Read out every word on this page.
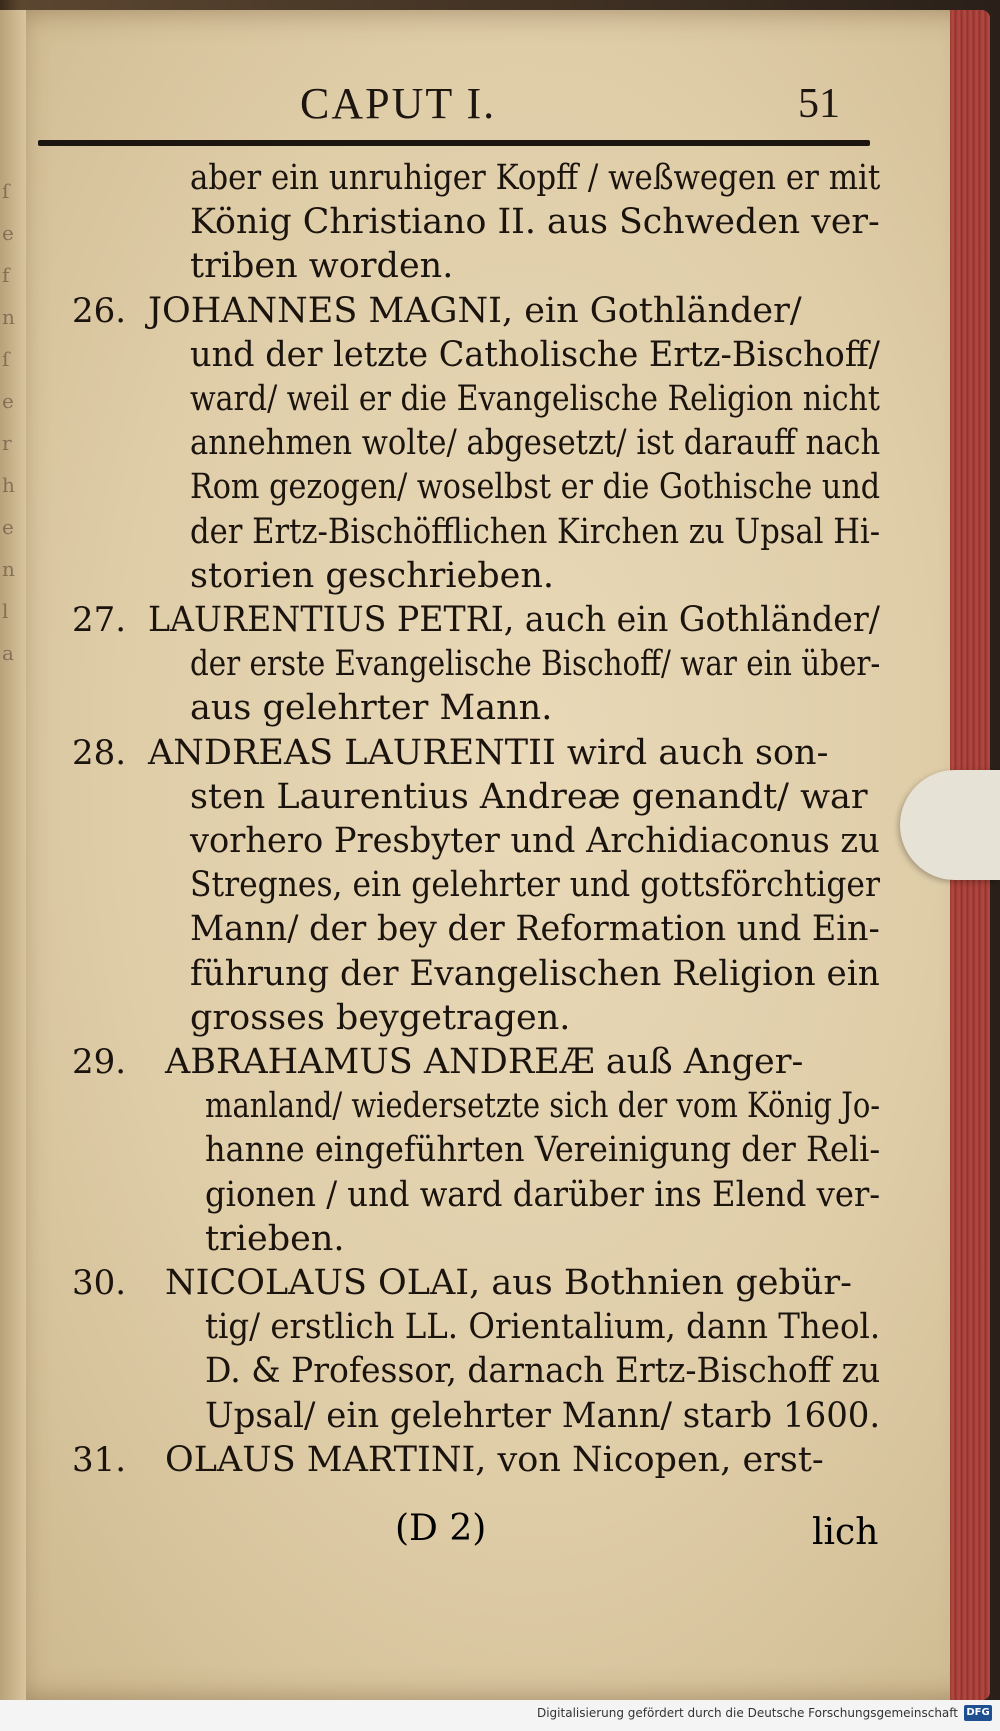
ſ
e
f
n
ſ
e
r
h
e
n
l
a
CAPUT I.	51
aber ein unruhiger Kopff / weßwegen er mit
König Christiano II. aus Schweden ver-
triben worden.
26. JOHANNES MAGNI, ein Gothländer/
und der letzte Catholische Ertz-Bischoff/
ward/ weil er die Evangelische Religion nicht
annehmen wolte/ abgesetzt/ ist darauff nach
Rom gezogen/ woselbst er die Gothische und
der Ertz-Bischöfflichen Kirchen zu Upsal Hi-
storien geschrieben.
27. LAURENTIUS PETRI, auch ein Gothländer/
der erste Evangelische Bischoff/ war ein über-
aus gelehrter Mann.
28. ANDREAS LAURENTII wird auch son-
sten Laurentius Andreæ genandt/ war
vorhero Presbyter und Archidiaconus zu
Stregnes, ein gelehrter und gottsförchtiger
Mann/ der bey der Reformation und Ein-
führung der Evangelischen Religion ein
grosses beygetragen.
29. ABRAHAMUS ANDREÆ auß Anger-
manland/ wiedersetzte sich der vom König Jo-
hanne eingeführten Vereinigung der Reli-
gionen / und ward darüber ins Elend ver-
trieben.
30. NICOLAUS OLAI, aus Bothnien gebür-
tig/ erstlich LL. Orientalium, dann Theol.
D. & Professor, darnach Ertz-Bischoff zu
Upsal/ ein gelehrter Mann/ starb 1600.
31. OLAUS MARTINI, von Nicopen, erst-
(D 2)	lich
Digitalisierung gefördert durch die Deutsche Forschungsgemeinschaft DFG
